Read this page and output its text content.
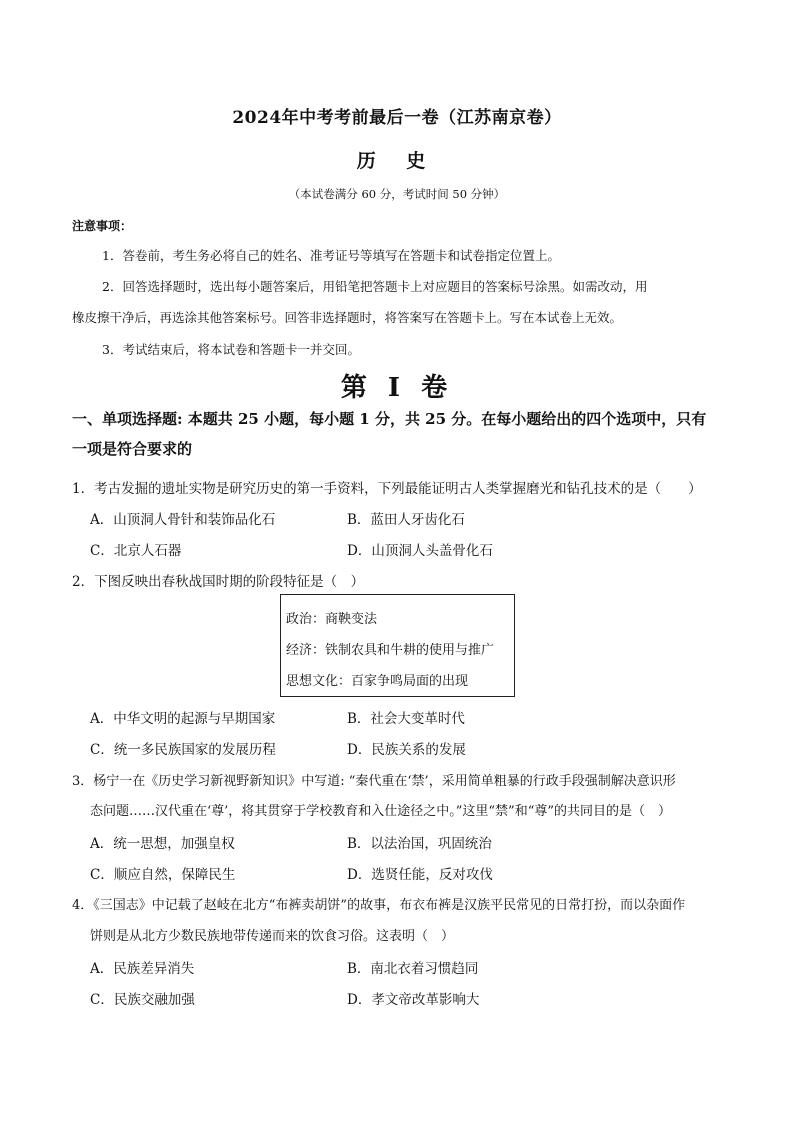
2024年中考考前最后一卷（江苏南京卷）
历 史
（本试卷满分 60 分，考试时间 50 分钟）
注意事项：
1．答卷前，考生务必将自己的姓名、准考证号等填写在答题卡和试卷指定位置上。
2．回答选择题时，选出每小题答案后，用铅笔把答题卡上对应题目的答案标号涂黑。如需改动，用
橡皮擦干净后，再选涂其他答案标号。回答非选择题时，将答案写在答题卡上。写在本试卷上无效。
3．考试结束后，将本试卷和答题卡一并交回。
第 I 卷
一、单项选择题: 本题共 25 小题，每小题 1 分，共 25 分。在每小题给出的四个选项中，只有
一项是符合要求的
1．考古发掘的遗址实物是研究历史的第一手资料，下列最能证明古人类掌握磨光和钻孔技术的是（　　）
A．山顶洞人骨针和装饰品化石	B．蓝田人牙齿化石
C．北京人石器	D．山顶洞人头盖骨化石
2．下图反映出春秋战国时期的阶段特征是（　）
政治：商鞅变法
经济：铁制农具和牛耕的使用与推广
思想文化：百家争鸣局面的出现
A．中华文明的起源与早期国家	B．社会大变革时代
C．统一多民族国家的发展历程	D．民族关系的发展
3．杨宁一在《历史学习新视野新知识》中写道: “秦代重在‘禁’，采用简单粗暴的行政手段强制解决意识形
态问题……汉代重在‘尊’，将其贯穿于学校教育和入仕途径之中。”这里“禁”和“尊”的共同目的是（　）
A．统一思想，加强皇权	B．以法治国，巩固统治
C．顺应自然，保障民生	D．选贤任能，反对攻伐
4．《三国志》中记载了赵岐在北方“布裤卖胡饼”的故事，布衣布裤是汉族平民常见的日常打扮，而以杂面作
饼则是从北方少数民族地带传递而来的饮食习俗。这表明（　）
A．民族差异消失	B．南北衣着习惯趋同
C．民族交融加强	D．孝文帝改革影响大
